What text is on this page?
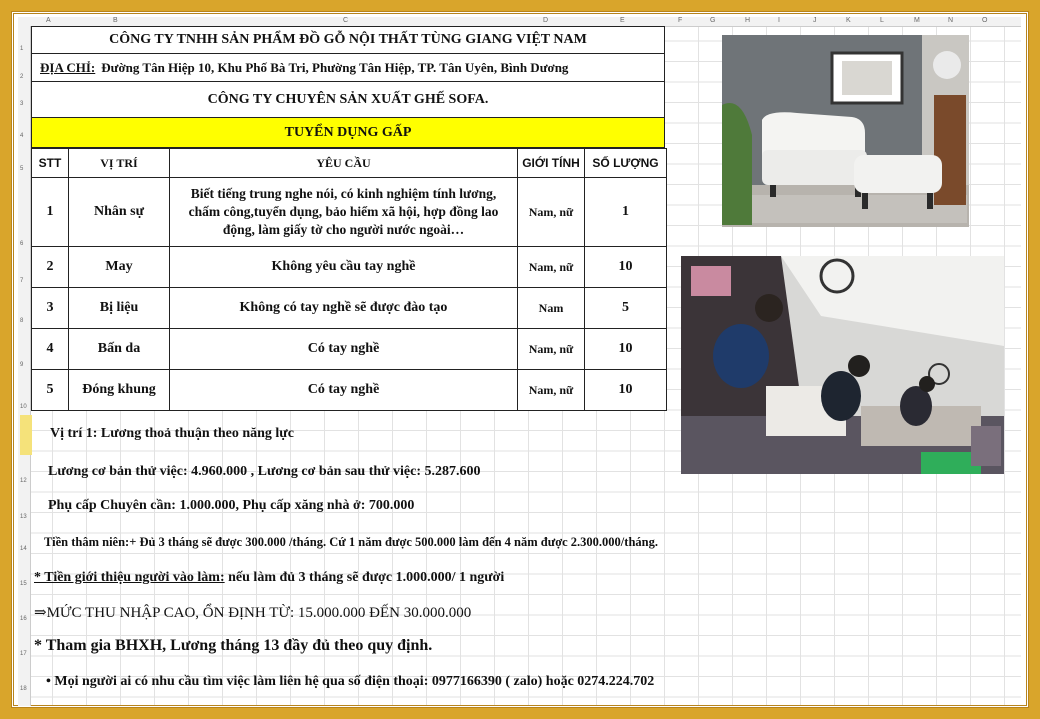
A	B	C	D	E	F	G	H	I	J	K	L	M	N	O
1
2
3
4
5
6
7
8
9
10
12
13
14
15
16
17
18
CÔNG TY TNHH SẢN PHẨM ĐỒ GỖ NỘI THẤT TÙNG GIANG VIỆT NAM
ĐỊA CHỈ: Đường Tân Hiệp 10, Khu Phố Bà Tri, Phường Tân Hiệp, TP. Tân Uyên, Bình Dương
CÔNG TY CHUYÊN SẢN XUẤT GHẾ SOFA.
TUYỂN DỤNG GẤP
STT	VỊ TRÍ	YÊU CẦU	GIỚI TÍNH	SỐ LƯỢNG
1	Nhân sự	Biết tiếng trung nghe nói, có kinh nghiệm tính lương, chấm công,tuyển dụng, bảo hiểm xã hội, hợp đồng lao động, làm giấy tờ cho người nước ngoài…	Nam, nữ	1
2	May	Không yêu cầu tay nghề	Nam, nữ	10
3	Bị liệu	Không có tay nghề sẽ được đào tạo	Nam	5
4	Bấn da	Có tay nghề	Nam, nữ	10
5	Đóng khung	Có tay nghề	Nam, nữ	10
Vị trí 1: Lương thoả thuận theo năng lực
Lương cơ bản thử việc: 4.960.000 , Lương cơ bản sau thử việc: 5.287.600
Phụ cấp Chuyên cần: 1.000.000, Phụ cấp xăng nhà ở: 700.000
Tiền thâm niên:+ Đủ 3 tháng sẽ được 300.000 /tháng. Cứ 1 năm được 500.000 làm đến 4 năm được 2.300.000/tháng.
* Tiền giới thiệu người vào làm: nếu làm đủ 3 tháng sẽ được 1.000.000/ 1 người
⇒MỨC THU NHẬP CAO, ỔN ĐỊNH TỪ: 15.000.000 ĐẾN 30.000.000
* Tham gia BHXH, Lương tháng 13 đầy đủ theo quy định.
• Mọi người ai có nhu cầu tìm việc làm liên hệ qua số điện thoại: 0977166390 ( zalo) hoặc 0274.224.702
